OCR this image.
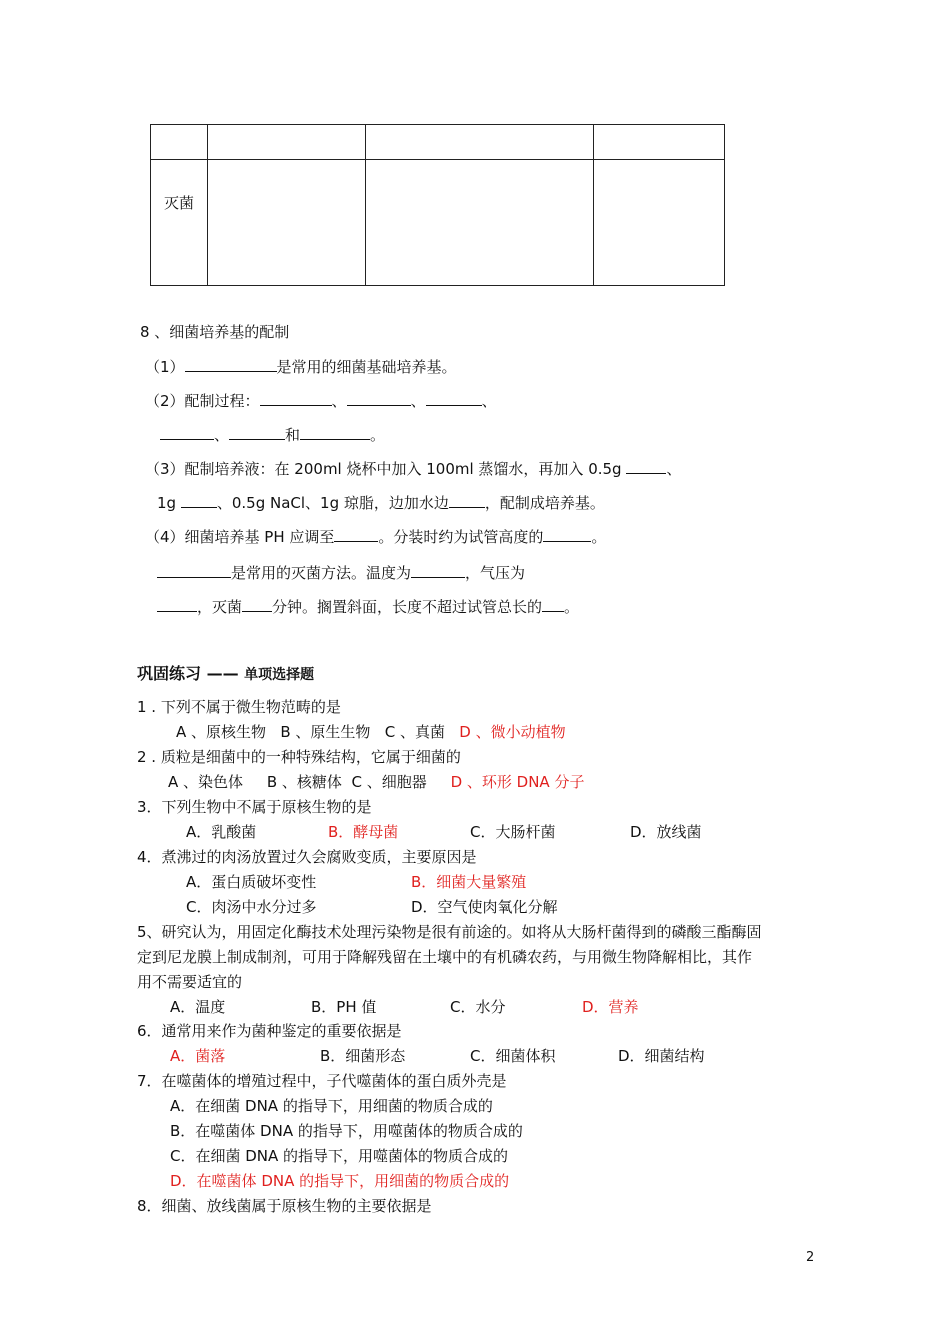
灭菌			
8 、细菌培养基的配制
（1）	是常用的细菌基础培养基。
（2）配制过程：	、	、	、
、	和	。
（3）配制培养液：在 200ml 烧杯中加入 100ml 蒸馏水，再加入 0.5g	、
1g	、0.5g NaCl、1g 琼脂，边加水边 ，配制成培养基。
（4）细菌培养基 PH 应调至	。分装时约为试管高度的	。
是常用的灭菌方法。温度为	，气压为
，灭菌 分钟。搁置斜面，长度不超过试管总长的 。
巩固练习 —— 单项选择题
1 . 下列不属于微生物范畴的是
A 、原核生物 B 、原生生物 C 、真菌 D 、微小动植物
2 . 质粒是细菌中的一种特殊结构，它属于细菌的
A 、染色体 B 、核糖体 C 、细胞器 D 、环形 DNA 分子
3．下列生物中不属于原核生物的是
A．乳酸菌	B．酵母菌	C．大肠杆菌	D．放线菌
4．煮沸过的肉汤放置过久会腐败变质，主要原因是
A．蛋白质破坏变性	B．细菌大量繁殖
C．肉汤中水分过多	D．空气使肉氧化分解
5、研究认为，用固定化酶技术处理污染物是很有前途的。如将从大肠杆菌得到的磷酸三酯酶固
定到尼龙膜上制成制剂，可用于降解残留在土壤中的有机磷农药，与用微生物降解相比，其作
用不需要适宜的
A．温度	B．PH 值	C．水分	D．营养
6．通常用来作为菌种鉴定的重要依据是
A．菌落	B．细菌形态	C．细菌体积	D．细菌结构
7．在噬菌体的增殖过程中，子代噬菌体的蛋白质外壳是
A．在细菌 DNA 的指导下，用细菌的物质合成的
B．在噬菌体 DNA 的指导下，用噬菌体的物质合成的
C．在细菌 DNA 的指导下，用噬菌体的物质合成的
D．在噬菌体 DNA 的指导下，用细菌的物质合成的
8．细菌、放线菌属于原核生物的主要依据是
2
